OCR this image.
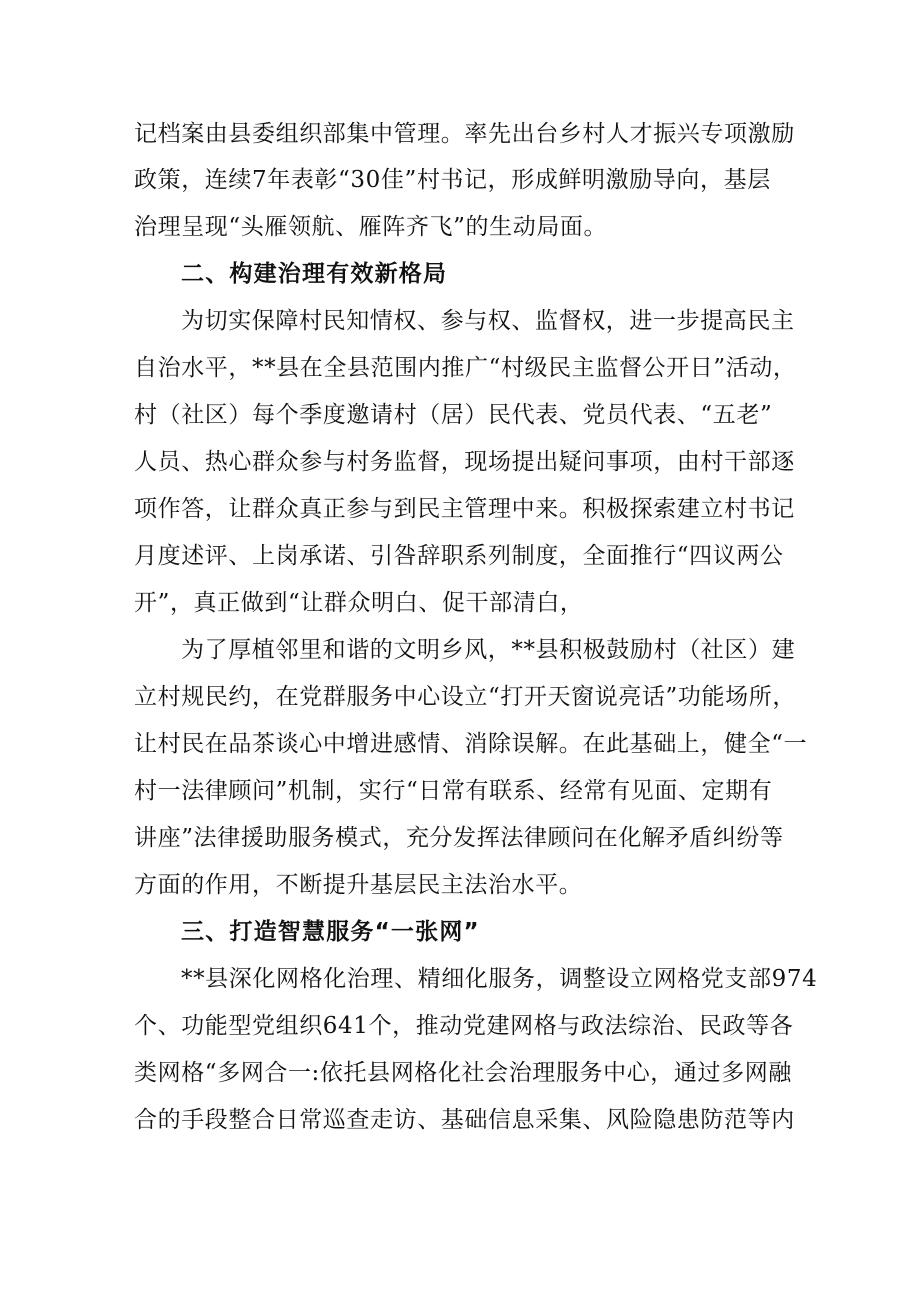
记档案由县委组织部集中管理。率先出台乡村人才振兴专项激励
政策，连续7年表彰“30佳”村书记，形成鲜明激励导向，基层
治理呈现“头雁领航、雁阵齐飞”的生动局面。
二、构建治理有效新格局
为切实保障村民知情权、参与权、监督权，进一步提高民主
自治水平，**县在全县范围内推广“村级民主监督公开日”活动，
村（社区）每个季度邀请村（居）民代表、党员代表、“五老”
人员、热心群众参与村务监督，现场提出疑问事项，由村干部逐
项作答，让群众真正参与到民主管理中来。积极探索建立村书记
月度述评、上岗承诺、引咎辞职系列制度，全面推行“四议两公
开”，真正做到“让群众明白、促干部清白，
为了厚植邻里和谐的文明乡风，**县积极鼓励村（社区）建
立村规民约，在党群服务中心设立“打开天窗说亮话”功能场所，
让村民在品茶谈心中增进感情、消除误解。在此基础上，健全“一
村一法律顾问”机制，实行“日常有联系、经常有见面、定期有
讲座”法律援助服务模式，充分发挥法律顾问在化解矛盾纠纷等
方面的作用，不断提升基层民主法治水平。
三、打造智慧服务“一张网”
**县深化网格化治理、精细化服务，调整设立网格党支部974
个、功能型党组织641个，推动党建网格与政法综治、民政等各
类网格“多网合一:依托县网格化社会治理服务中心，通过多网融
合的手段整合日常巡查走访、基础信息采集、风险隐患防范等内
